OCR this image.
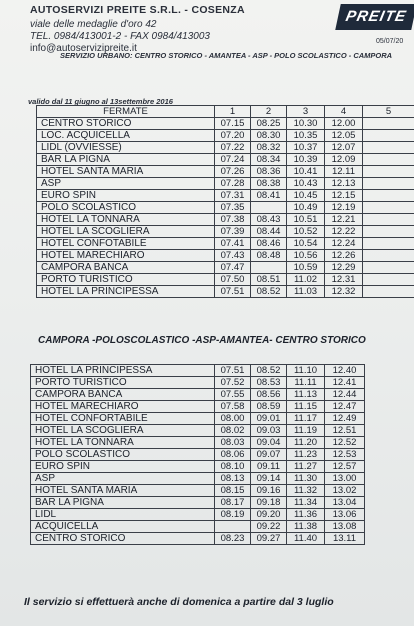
AUTOSERVIZI PREITE S.R.L. - COSENZA
viale delle medaglie d'oro 42
TEL. 0984/413001-2 - FAX 0984/413003
info@autoservizipreite.it
PREITE
05/07/20
SERVIZIO URBANO: CENTRO STORICO - AMANTEA - ASP - POLO SCOLASTICO - CAMPORA
valido dal 11 giugno al 13settembre 2016
FERMATE	1	2	3	4	5
CENTRO STORICO	07.15	08.25	10.30	12.00	
LOC. ACQUICELLA	07.20	08.30	10.35	12.05	
LIDL (OVVIESSE)	07.22	08.32	10.37	12.07	
BAR LA PIGNA	07.24	08.34	10.39	12.09	
HOTEL SANTA MARIA	07.26	08.36	10.41	12.11	
ASP	07.28	08.38	10.43	12.13	
EURO SPIN	07.31	08.41	10.45	12.15	
POLO SCOLASTICO	07.35		10.49	12.19	
HOTEL LA TONNARA	07.38	08.43	10.51	12.21	
HOTEL LA SCOGLIERA	07.39	08.44	10.52	12.22	
HOTEL CONFOTABILE	07.41	08.46	10.54	12.24	
HOTEL MARECHIARO	07.43	08.48	10.56	12.26	
CAMPORA BANCA	07.47		10.59	12.29	
PORTO TURISTICO	07.50	08.51	11.02	12.31	
HOTEL LA PRINCIPESSA	07.51	08.52	11.03	12.32	
CAMPORA -POLOSCOLASTICO -ASP-AMANTEA- CENTRO STORICO
HOTEL LA PRINCIPESSA	07.51	08.52	11.10	12.40
PORTO TURISTICO	07.52	08.53	11.11	12.41
CAMPORA BANCA	07.55	08.56	11.13	12.44
HOTEL MARECHIARO	07.58	08.59	11.15	12.47
HOTEL CONFORTABILE	08.00	09.01	11.17	12.49
HOTEL LA SCOGLIERA	08.02	09.03	11.19	12.51
HOTEL LA TONNARA	08.03	09.04	11.20	12.52
POLO SCOLASTICO	08.06	09.07	11.23	12.53
EURO SPIN	08.10	09.11	11.27	12.57
ASP	08.13	09.14	11.30	13.00
HOTEL SANTA MARIA	08.15	09.16	11.32	13.02
BAR LA PIGNA	08.17	09.18	11.34	13.04
LIDL	08.19	09.20	11.36	13.06
ACQUICELLA		09.22	11.38	13.08
CENTRO STORICO	08.23	09.27	11.40	13.11
Il servizio si effettuerà anche di domenica a partire dal 3 luglio
